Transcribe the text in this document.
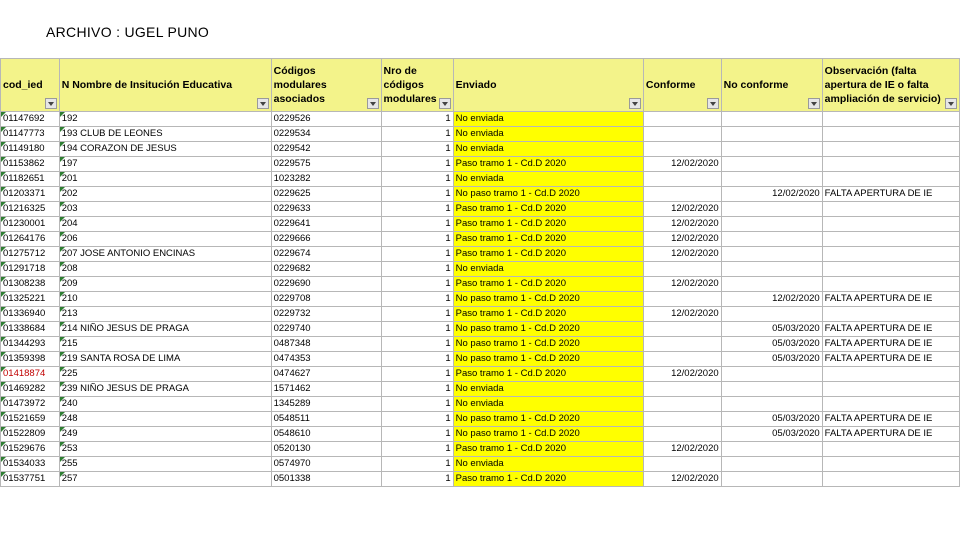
ARCHIVO : UGEL PUNO
cod_ied	N Nombre de Insitución Educativa	Códigos modulares asociados	Nro de códigos modulares	Enviado	Conforme	No conforme	Observación (falta apertura de IE o falta ampliación de servicio)

01147692	192	0229526	1	No enviada			
01147773	193 CLUB DE LEONES	0229534	1	No enviada			
01149180	194 CORAZON DE JESUS	0229542	1	No enviada			
01153862	197	0229575	1	Paso tramo 1 - Cd.D 2020	12/02/2020		
01182651	201	1023282	1	No enviada			
01203371	202	0229625	1	No paso tramo 1 - Cd.D 2020		12/02/2020	FALTA APERTURA DE IE
01216325	203	0229633	1	Paso tramo 1 - Cd.D 2020	12/02/2020		
01230001	204	0229641	1	Paso tramo 1 - Cd.D 2020	12/02/2020		
01264176	206	0229666	1	Paso tramo 1 - Cd.D 2020	12/02/2020		
01275712	207 JOSE ANTONIO ENCINAS	0229674	1	Paso tramo 1 - Cd.D 2020	12/02/2020		
01291718	208	0229682	1	No enviada			
01308238	209	0229690	1	Paso tramo 1 - Cd.D 2020	12/02/2020		
01325221	210	0229708	1	No paso tramo 1 - Cd.D 2020		12/02/2020	FALTA APERTURA DE IE
01336940	213	0229732	1	Paso tramo 1 - Cd.D 2020	12/02/2020		
01338684	214 NIÑO JESUS DE PRAGA	0229740	1	No paso tramo 1 - Cd.D 2020		05/03/2020	FALTA APERTURA DE IE
01344293	215	0487348	1	No paso tramo 1 - Cd.D 2020		05/03/2020	FALTA APERTURA DE IE
01359398	219 SANTA ROSA DE LIMA	0474353	1	No paso tramo 1 - Cd.D 2020		05/03/2020	FALTA APERTURA DE IE
01418874	225	0474627	1	Paso tramo 1 - Cd.D 2020	12/02/2020		
01469282	239 NIÑO JESUS DE PRAGA	1571462	1	No enviada			
01473972	240	1345289	1	No enviada			
01521659	248	0548511	1	No paso tramo 1 - Cd.D 2020		05/03/2020	FALTA APERTURA DE IE
01522809	249	0548610	1	No paso tramo 1 - Cd.D 2020		05/03/2020	FALTA APERTURA DE IE
01529676	253	0520130	1	Paso tramo 1 - Cd.D 2020	12/02/2020		
01534033	255	0574970	1	No enviada			
01537751	257	0501338	1	Paso tramo 1 - Cd.D 2020	12/02/2020		
